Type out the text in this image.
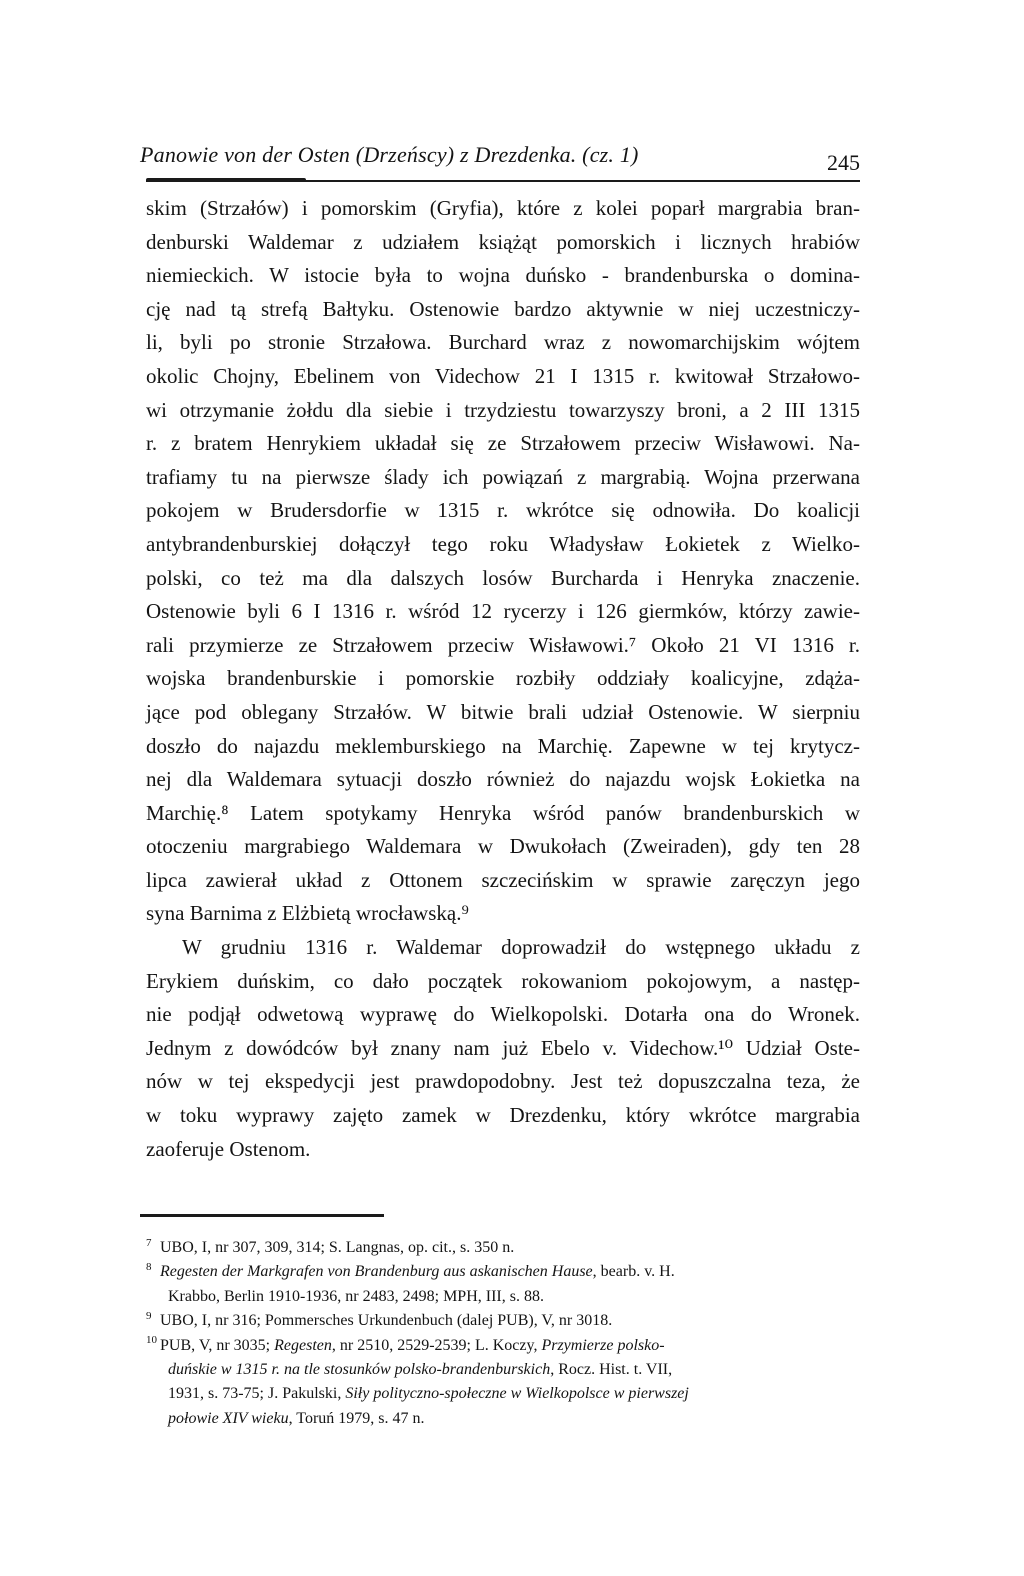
Panowie von der Osten (Drzeńscy) z Drezdenka. (cz. 1)	245
skim (Strzałów) i pomorskim (Gryfia), które z kolei poparł margrabia bran-
denburski Waldemar z udziałem książąt pomorskich i licznych hrabiów
niemieckich. W istocie była to wojna duńsko - brandenburska o domina-
cję nad tą strefą Bałtyku. Ostenowie bardzo aktywnie w niej uczestniczy-
li, byli po stronie Strzałowa. Burchard wraz z nowomarchijskim wójtem
okolic Chojny, Ebelinem von Videchow 21 I 1315 r. kwitował Strzałowo-
wi otrzymanie żołdu dla siebie i trzydziestu towarzyszy broni, a 2 III 1315
r. z bratem Henrykiem układał się ze Strzałowem przeciw Wisławowi. Na-
trafiamy tu na pierwsze ślady ich powiązań z margrabią. Wojna przerwana
pokojem w Brudersdorfie w 1315 r. wkrótce się odnowiła. Do koalicji
antybrandenburskiej dołączył tego roku Władysław Łokietek z Wielko-
polski, co też ma dla dalszych losów Burcharda i Henryka znaczenie.
Ostenowie byli 6 I 1316 r. wśród 12 rycerzy i 126 giermków, którzy zawie-
rali przymierze ze Strzałowem przeciw Wisławowi.⁷ Około 21 VI 1316 r.
wojska brandenburskie i pomorskie rozbiły oddziały koalicyjne, zdąża-
jące pod oblegany Strzałów. W bitwie brali udział Ostenowie. W sierpniu
doszło do najazdu meklemburskiego na Marchię. Zapewne w tej krytycz-
nej dla Waldemara sytuacji doszło również do najazdu wojsk Łokietka na
Marchię.⁸ Latem spotykamy Henryka wśród panów brandenburskich w
otoczeniu margrabiego Waldemara w Dwukołach (Zweiraden), gdy ten 28
lipca zawierał układ z Ottonem szczecińskim w sprawie zaręczyn jego
syna Barnima z Elżbietą wrocławską.⁹
W grudniu 1316 r. Waldemar doprowadził do wstępnego układu z
Erykiem duńskim, co dało początek rokowaniom pokojowym, a następ-
nie podjął odwetową wyprawę do Wielkopolski. Dotarła ona do Wronek.
Jednym z dowódców był znany nam już Ebelo v. Videchow.¹⁰ Udział Oste-
nów w tej ekspedycji jest prawdopodobny. Jest też dopuszczalna teza, że
w toku wyprawy zajęto zamek w Drezdenku, który wkrótce margrabia
zaoferuje Ostenom.
7 UBO, I, nr 307, 309, 314; S. Langnas, op. cit., s. 350 n.
8 Regesten der Markgrafen von Brandenburg aus askanischen Hause, bearb. v. H.
Krabbo, Berlin 1910-1936, nr 2483, 2498; MPH, III, s. 88.
9 UBO, I, nr 316; Pommersches Urkundenbuch (dalej PUB), V, nr 3018.
10 PUB, V, nr 3035; Regesten, nr 2510, 2529-2539; L. Koczy, Przymierze polsko-
duńskie w 1315 r. na tle stosunków polsko-brandenburskich, Rocz. Hist. t. VII,
1931, s. 73-75; J. Pakulski, Siły polityczno-społeczne w Wielkopolsce w pierwszej
połowie XIV wieku, Toruń 1979, s. 47 n.
